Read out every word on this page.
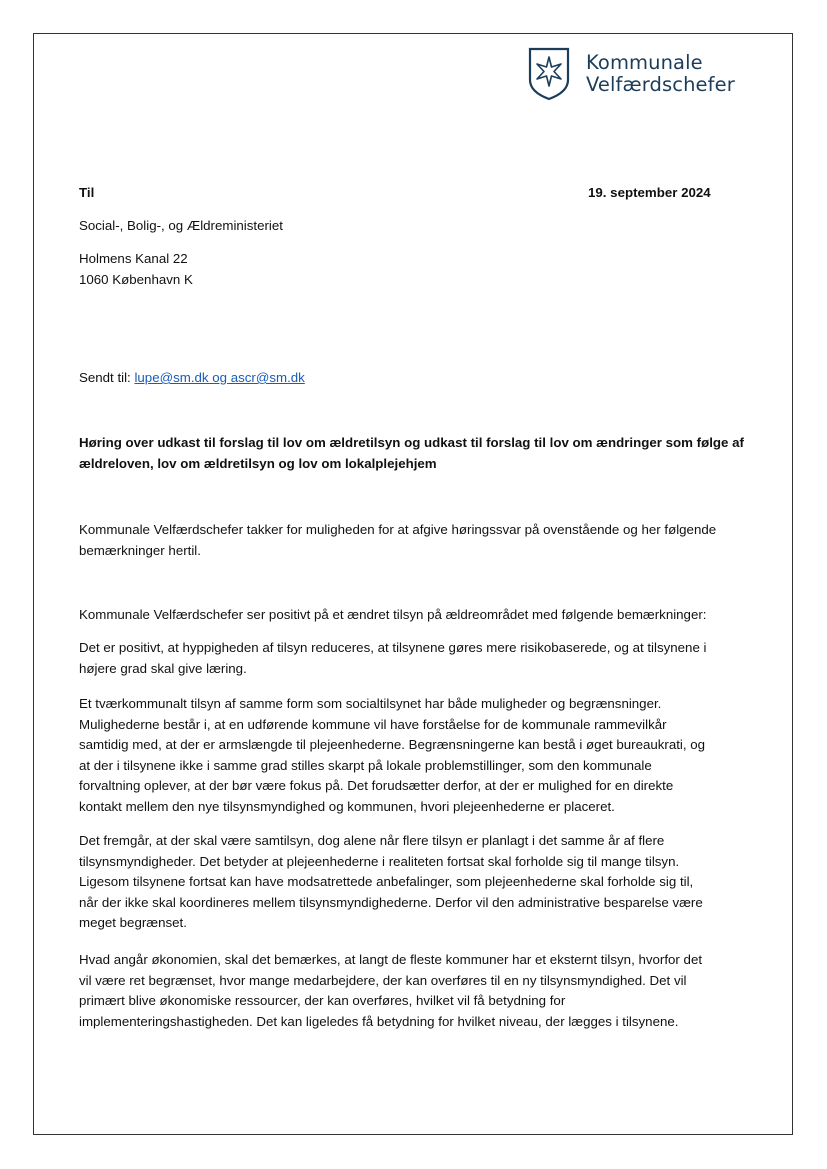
Kommunale
Velfærdschefer
Til	19. september 2024
Social-, Bolig-, og Ældreministeriet
Holmens Kanal 22
1060 København K
Sendt til: lupe@sm.dk og ascr@sm.dk
Høring over udkast til forslag til lov om ældretilsyn og udkast til forslag til lov om ændringer som følge af
ældreloven, lov om ældretilsyn og lov om lokalplejehjem
Kommunale Velfærdschefer takker for muligheden for at afgive høringssvar på ovenstående og her følgende
bemærkninger hertil.
Kommunale Velfærdschefer ser positivt på et ændret tilsyn på ældreområdet med følgende bemærkninger:
Det er positivt, at hyppigheden af tilsyn reduceres, at tilsynene gøres mere risikobaserede, og at tilsynene i
højere grad skal give læring.
Et tværkommunalt tilsyn af samme form som socialtilsynet har både muligheder og begrænsninger.
Mulighederne består i, at en udførende kommune vil have forståelse for de kommunale rammevilkår
samtidig med, at der er armslængde til plejeenhederne. Begrænsningerne kan bestå i øget bureaukrati, og
at der i tilsynene ikke i samme grad stilles skarpt på lokale problemstillinger, som den kommunale
forvaltning oplever, at der bør være fokus på. Det forudsætter derfor, at der er mulighed for en direkte
kontakt mellem den nye tilsynsmyndighed og kommunen, hvori plejeenhederne er placeret.
Det fremgår, at der skal være samtilsyn, dog alene når flere tilsyn er planlagt i det samme år af flere
tilsynsmyndigheder. Det betyder at plejeenhederne i realiteten fortsat skal forholde sig til mange tilsyn.
Ligesom tilsynene fortsat kan have modsatrettede anbefalinger, som plejeenhederne skal forholde sig til,
når der ikke skal koordineres mellem tilsynsmyndighederne. Derfor vil den administrative besparelse være
meget begrænset.
Hvad angår økonomien, skal det bemærkes, at langt de fleste kommuner har et eksternt tilsyn, hvorfor det
vil være ret begrænset, hvor mange medarbejdere, der kan overføres til en ny tilsynsmyndighed. Det vil
primært blive økonomiske ressourcer, der kan overføres, hvilket vil få betydning for
implementeringshastigheden. Det kan ligeledes få betydning for hvilket niveau, der lægges i tilsynene.
